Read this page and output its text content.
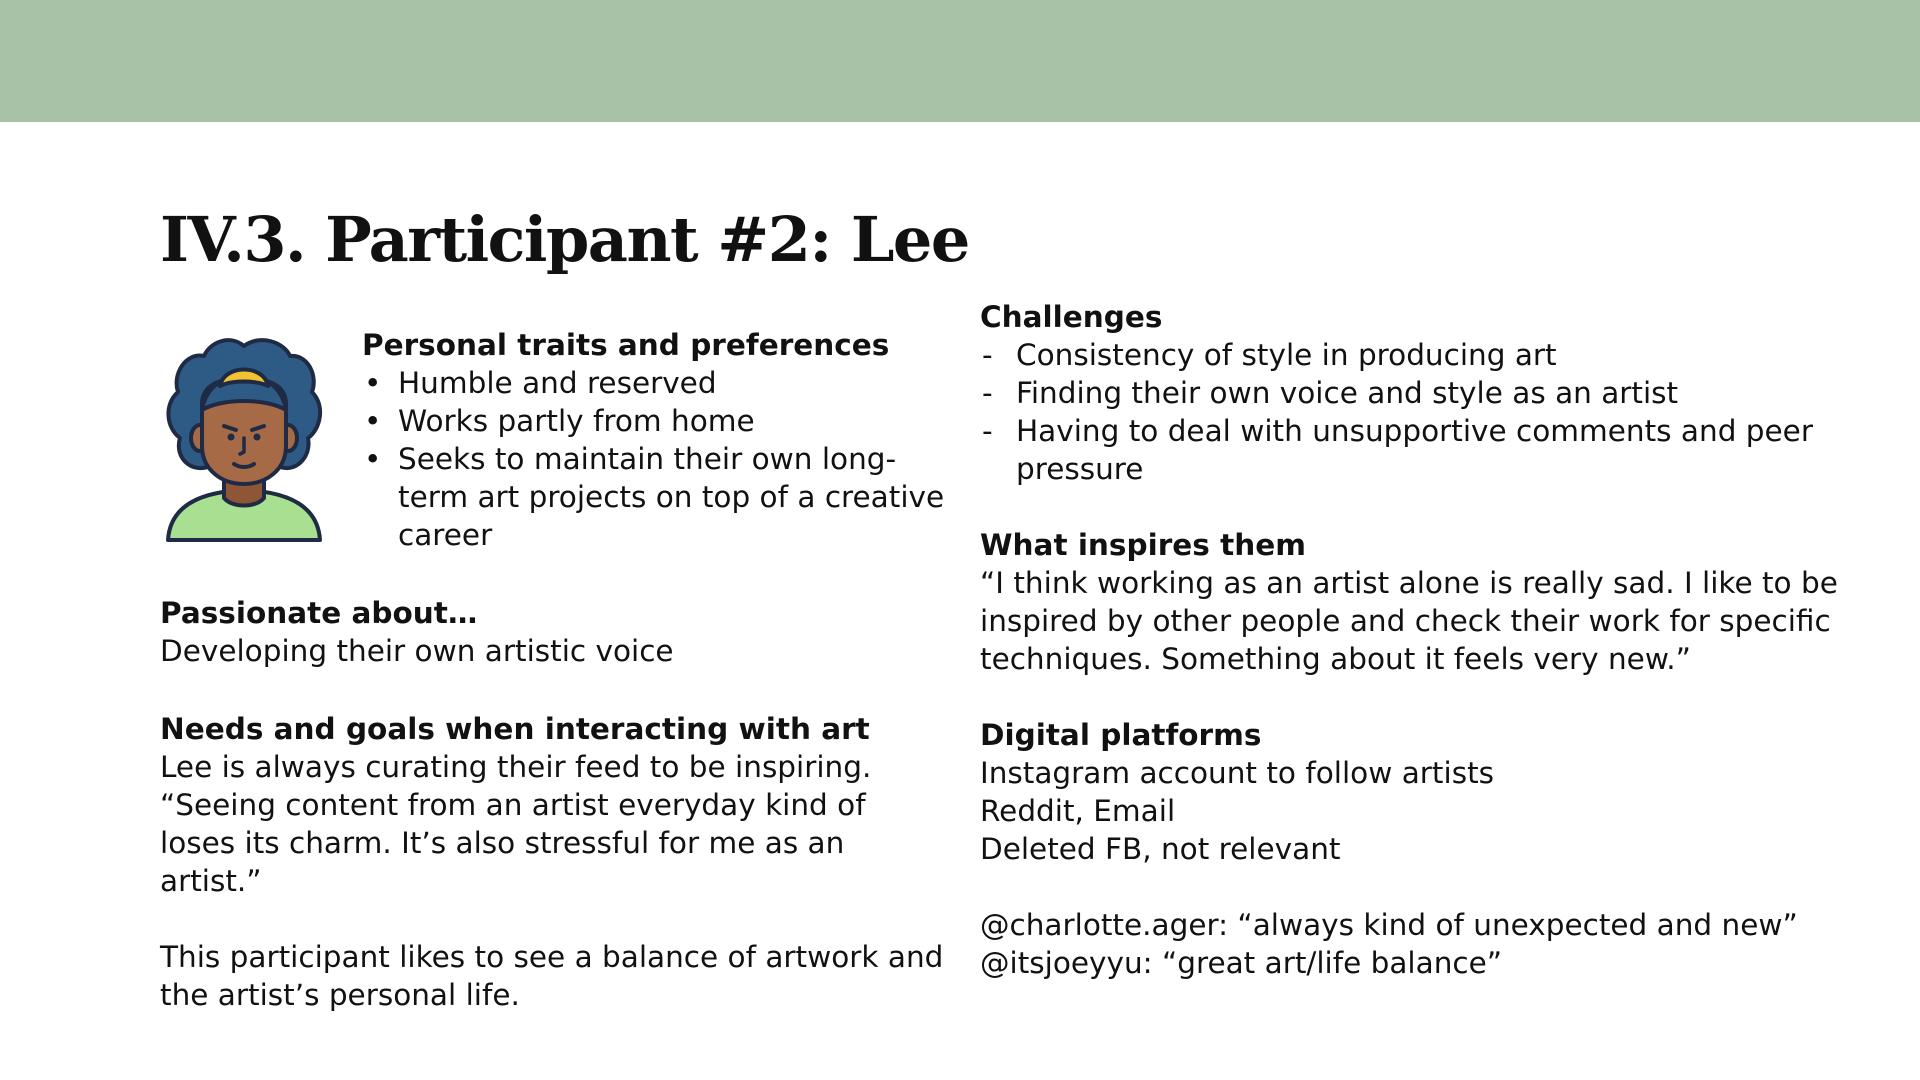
IV.3. Participant #2: Lee
Personal traits and preferences
• Humble and reserved
• Works partly from home
• Seeks to maintain their own long-term art projects on top of a creative career
Passionate about…

Developing their own artistic voice

Needs and goals when interacting with art

Lee is always curating their feed to be inspiring. “Seeing content from an artist everyday kind of loses its charm. It’s also stressful for me as an artist.”

This participant likes to see a balance of artwork and the artist’s personal life.

Challenges
- Consistency of style in producing art
- Finding their own voice and style as an artist
- Having to deal with unsupportive comments and peer pressure
What inspires them

“I think working as an artist alone is really sad. I like to be inspired by other people and check their work for specific techniques. Something about it feels very new.”

Digital platforms
Instagram account to follow artists
Reddit, Email
Deleted FB, not relevant
@charlotte.ager: “always kind of unexpected and new”
@itsjoeyyu: “great art/life balance”
